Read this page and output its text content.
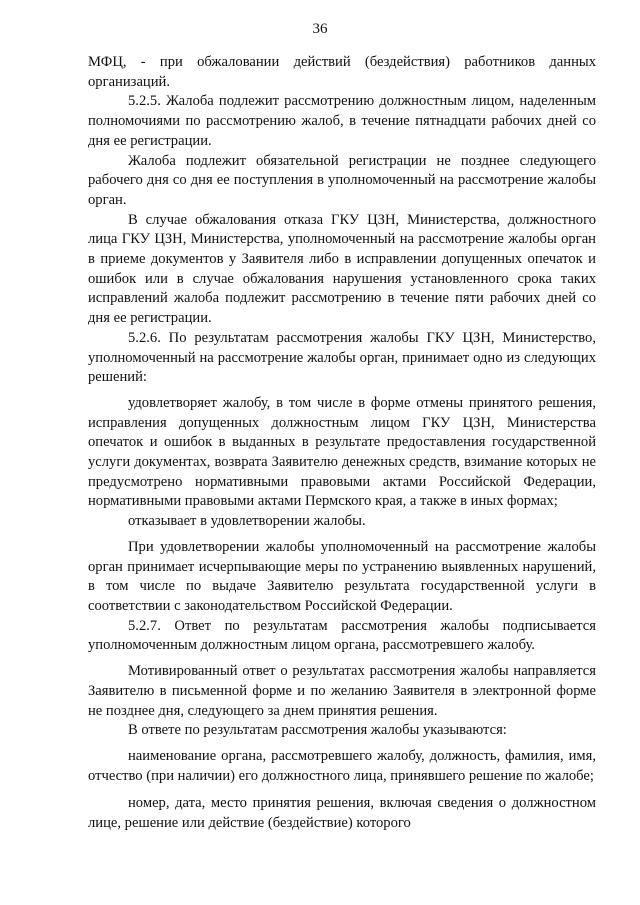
36

МФЦ, - при обжаловании действий (бездействия) работников данных организаций.

5.2.5. Жалоба подлежит рассмотрению должностным лицом, наделенным полномочиями по рассмотрению жалоб, в течение пятнадцати рабочих дней со дня ее регистрации.

Жалоба подлежит обязательной регистрации не позднее следующего рабочего дня со дня ее поступления в уполномоченный на рассмотрение жалобы орган.

В случае обжалования отказа ГКУ ЦЗН, Министерства, должностного лица ГКУ ЦЗН, Министерства, уполномоченный на рассмотрение жалобы орган в приеме документов у Заявителя либо в исправлении допущенных опечаток и ошибок или в случае обжалования нарушения установленного срока таких исправлений жалоба подлежит рассмотрению в течение пяти рабочих дней со дня ее регистрации.

5.2.6. По результатам рассмотрения жалобы ГКУ ЦЗН, Министерство, уполномоченный на рассмотрение жалобы орган, принимает одно из следующих решений:

удовлетворяет жалобу, в том числе в форме отмены принятого решения, исправления допущенных должностным лицом ГКУ ЦЗН, Министерства опечаток и ошибок в выданных в результате предоставления государственной услуги документах, возврата Заявителю денежных средств, взимание которых не предусмотрено нормативными правовыми актами Российской Федерации, нормативными правовыми актами Пермского края, а также в иных формах;

отказывает в удовлетворении жалобы.

При удовлетворении жалобы уполномоченный на рассмотрение жалобы орган принимает исчерпывающие меры по устранению выявленных нарушений, в том числе по выдаче Заявителю результата государственной услуги в соответствии с законодательством Российской Федерации.

5.2.7. Ответ по результатам рассмотрения жалобы подписывается уполномоченным должностным лицом органа, рассмотревшего жалобу.

Мотивированный ответ о результатах рассмотрения жалобы направляется Заявителю в письменной форме и по желанию Заявителя в электронной форме не позднее дня, следующего за днем принятия решения.

В ответе по результатам рассмотрения жалобы указываются:

наименование органа, рассмотревшего жалобу, должность, фамилия, имя, отчество (при наличии) его должностного лица, принявшего решение по жалобе;

номер, дата, место принятия решения, включая сведения о должностном лице, решение или действие (бездействие) которого
